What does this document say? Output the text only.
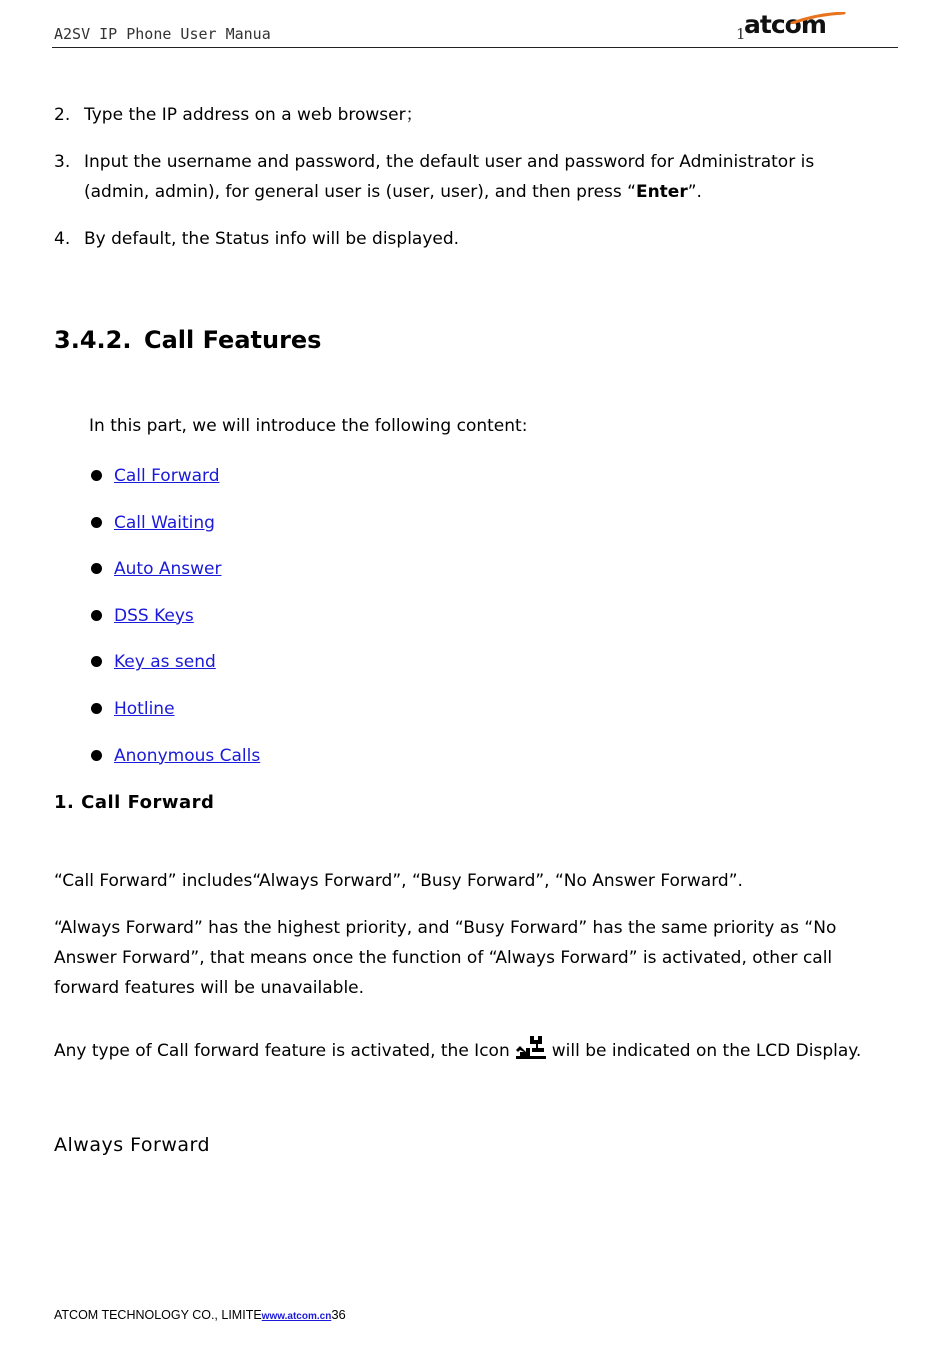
A2SV IP Phone User Manua	1
atcom
2. Type the IP address on a web browser；
3. Input the username and password, the default user and password for Administrator is (admin, admin), for general user is (user, user), and then press “Enter”.
4. By default, the Status info will be displayed.
3.4.2. Call Features
In this part, we will introduce the following content:
Call Forward
Call Waiting
Auto Answer
DSS Keys
Key as send
Hotline
Anonymous Calls
1. Call Forward
“Call Forward” includes“Always Forward”, “Busy Forward”, “No Answer Forward”.
“Always Forward” has the highest priority, and “Busy Forward” has the same priority as “No Answer Forward”, that means once the function of “Always Forward” is activated, other call forward features will be unavailable.
Any type of Call forward feature is activated, the Icon will be indicated on the LCD Display.
Always Forward
ATCOM TECHNOLOGY CO., LIMITEwww.atcom.cn36
